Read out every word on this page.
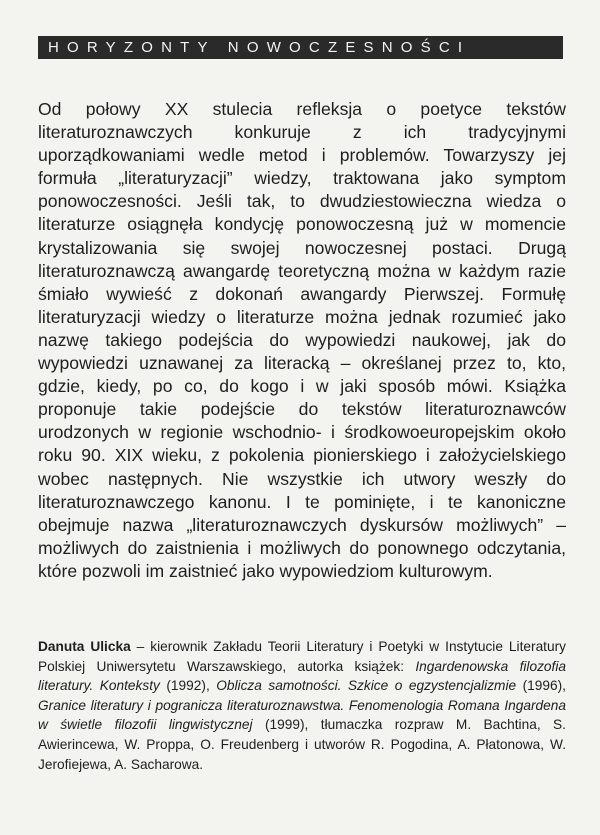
HORYZONTY NOWOCZESNOŚCI

Od połowy XX stulecia refleksja o poetyce tekstów literaturoznawczych konkuruje z ich tradycyjnymi uporządkowaniami wedle metod i problemów. Towarzyszy jej formuła „literaturyzacji” wiedzy, traktowana jako symptom ponowoczesności. Jeśli tak, to dwudziestowieczna wiedza o literaturze osiągnęła kondycję ponowoczesną już w momencie krystalizowania się swojej nowoczesnej postaci. Drugą literaturoznawczą awangardę teoretyczną można w każdym razie śmiało wywieść z dokonań awangardy Pierwszej. Formułę literaturyzacji wiedzy o literaturze można jednak rozumieć jako nazwę takiego podejścia do wypowiedzi naukowej, jak do wypowiedzi uznawanej za literacką – określanej przez to, kto, gdzie, kiedy, po co, do kogo i w jaki sposób mówi. Książka proponuje takie podejście do tekstów literaturoznawców urodzonych w regionie wschodnio- i środkowoeuropejskim około roku 90. XIX wieku, z pokolenia pionierskiego i założycielskiego wobec następnych. Nie wszystkie ich utwory weszły do literaturoznawczego kanonu. I te pominięte, i te kanoniczne obejmuje nazwa „literaturoznawczych dyskursów możliwych” – możliwych do zaistnienia i możliwych do ponownego odczytania, które pozwoli im zaistnieć jako wypowiedziom kulturowym.

Danuta Ulicka – kierownik Zakładu Teorii Literatury i Poetyki w Instytucie Literatury Polskiej Uniwersytetu Warszawskiego, autorka książek: Ingardenowska filozofia literatury. Konteksty (1992), Oblicza samotności. Szkice o egzystencjalizmie (1996), Granice literatury i pogranicza literaturoznawstwa. Fenomenologia Romana Ingardena w świetle filozofii lingwistycznej (1999), tłumaczka rozpraw M. Bachtina, S. Awierincewa, W. Proppa, O. Freudenberg i utworów R. Pogodina, A. Płatonowa, W. Jerofiejewa, A. Sacharowa.
